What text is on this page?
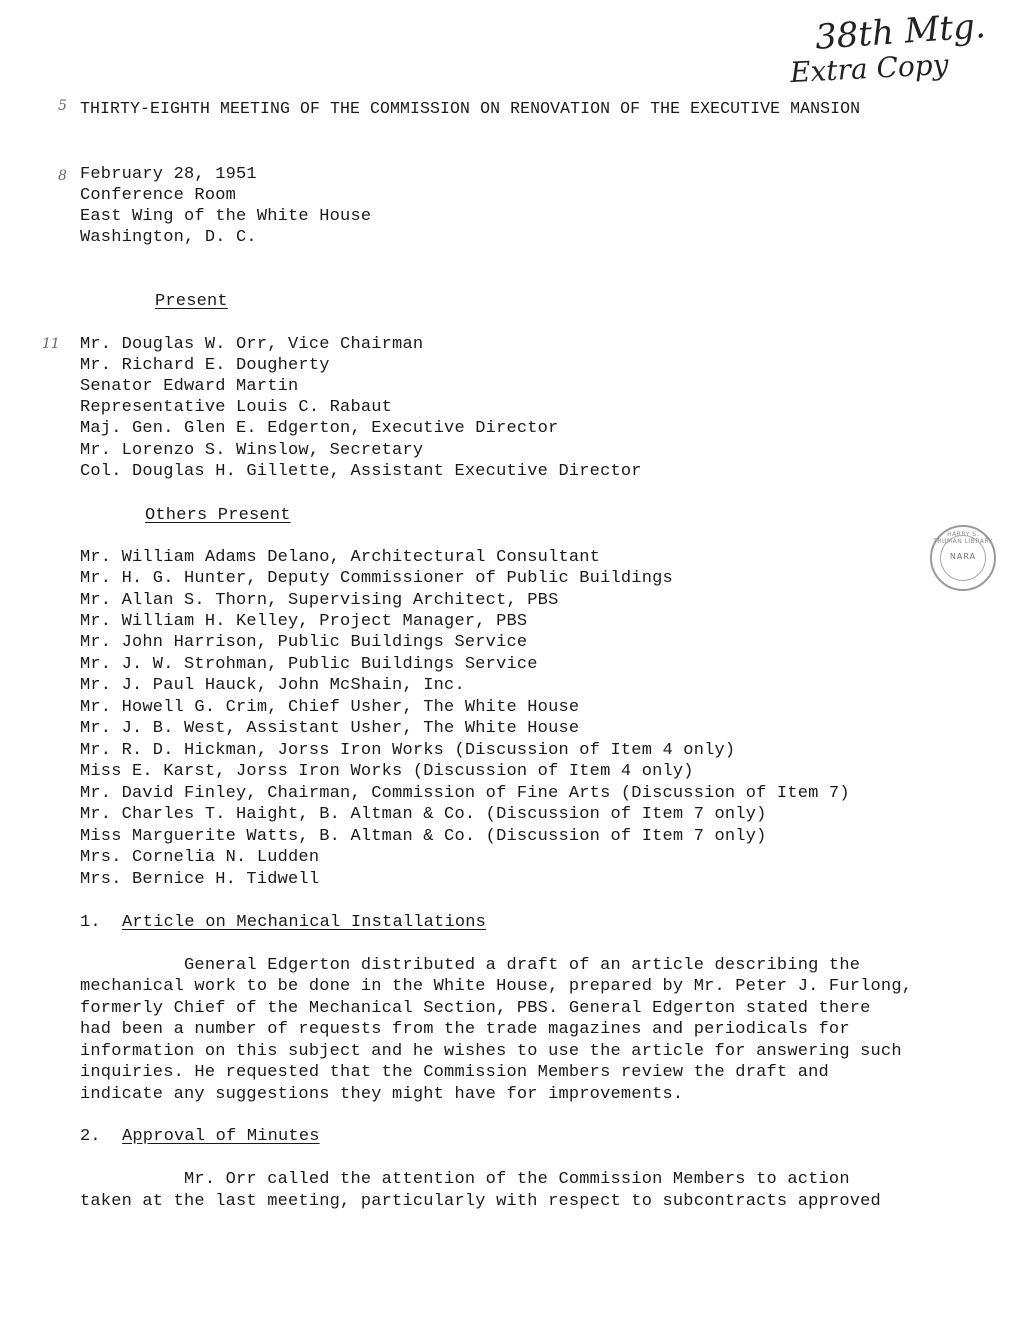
38th Mtg.
Extra Copy
5
8
11
THIRTY-EIGHTH MEETING OF THE COMMISSION ON RENOVATION OF THE EXECUTIVE MANSION
February 28, 1951
Conference Room
East Wing of the White House
Washington, D. C.
Present
Mr. Douglas W. Orr, Vice Chairman
Mr. Richard E. Dougherty
Senator Edward Martin
Representative Louis C. Rabaut
Maj. Gen. Glen E. Edgerton, Executive Director
Mr. Lorenzo S. Winslow, Secretary
Col. Douglas H. Gillette, Assistant Executive Director
Others Present
Mr. William Adams Delano, Architectural Consultant
Mr. H. G. Hunter, Deputy Commissioner of Public Buildings
Mr. Allan S. Thorn, Supervising Architect, PBS
Mr. William H. Kelley, Project Manager, PBS
Mr. John Harrison, Public Buildings Service
Mr. J. W. Strohman, Public Buildings Service
Mr. J. Paul Hauck, John McShain, Inc.
Mr. Howell G. Crim, Chief Usher, The White House
Mr. J. B. West, Assistant Usher, The White House
Mr. R. D. Hickman, Jorss Iron Works (Discussion of Item 4 only)
Miss E. Karst, Jorss Iron Works (Discussion of Item 4 only)
Mr. David Finley, Chairman, Commission of Fine Arts (Discussion of Item 7)
Mr. Charles T. Haight, B. Altman & Co. (Discussion of Item 7 only)
Miss Marguerite Watts, B. Altman & Co. (Discussion of Item 7 only)
Mrs. Cornelia N. Ludden
Mrs. Bernice H. Tidwell
1. Article on Mechanical Installations
General Edgerton distributed a draft of an article describing the
mechanical work to be done in the White House, prepared by Mr. Peter J. Furlong,
formerly Chief of the Mechanical Section, PBS. General Edgerton stated there
had been a number of requests from the trade magazines and periodicals for
information on this subject and he wishes to use the article for answering such
inquiries. He requested that the Commission Members review the draft and
indicate any suggestions they might have for improvements.
2. Approval of Minutes
Mr. Orr called the attention of the Commission Members to action
taken at the last meeting, particularly with respect to subcontracts approved
HARRY S. TRUMAN LIBRARY
NARA
